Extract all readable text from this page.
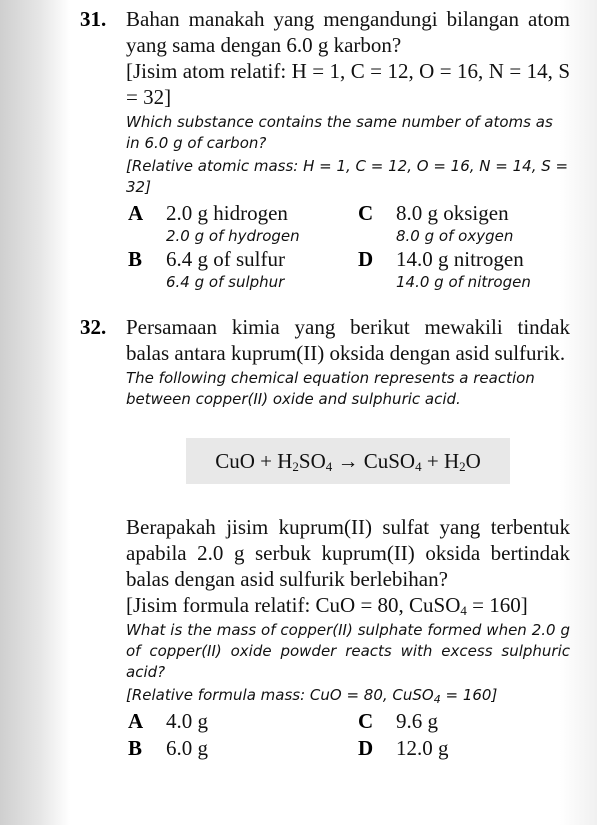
31. Bahan manakah yang mengandungi bilangan atom yang sama dengan 6.0 g karbon?
[Jisim atom relatif: H = 1, C = 12, O = 16, N = 14, S = 32]
Which substance contains the same number of atoms as in 6.0 g of carbon?
[Relative atomic mass: H = 1, C = 12, O = 16, N = 14, S = 32]
A 2.0 g hidrogen
2.0 g of hydrogen
C 8.0 g oksigen
8.0 g of oxygen
B 6.4 g of sulfur
6.4 g of sulphur
D 14.0 g nitrogen
14.0 g of nitrogen
32. Persamaan kimia yang berikut mewakili tindak balas antara kuprum(II) oksida dengan asid sulfurik.
The following chemical equation represents a reaction between copper(II) oxide and sulphuric acid.
CuO + $H_2SO_4$ → CuSO$_4$ + $H_2O$
Berapakah jisim kuprum(II) sulfat yang terbentuk apabila 2.0 g serbuk kuprum(II) oksida bertindak balas dengan asid sulfurik berlebihan?
[Jisim formula relatif: CuO = 80, CuSO$_4$ = 160]
What is the mass of copper(II) sulphate formed when 2.0 g of copper(II) oxide powder reacts with excess sulphuric acid?
[Relative formula mass: CuO = 80, CuSO$_4$ = 160]
A 4.0 g	C 9.6 g
B 6.0 g	D 12.0 g
